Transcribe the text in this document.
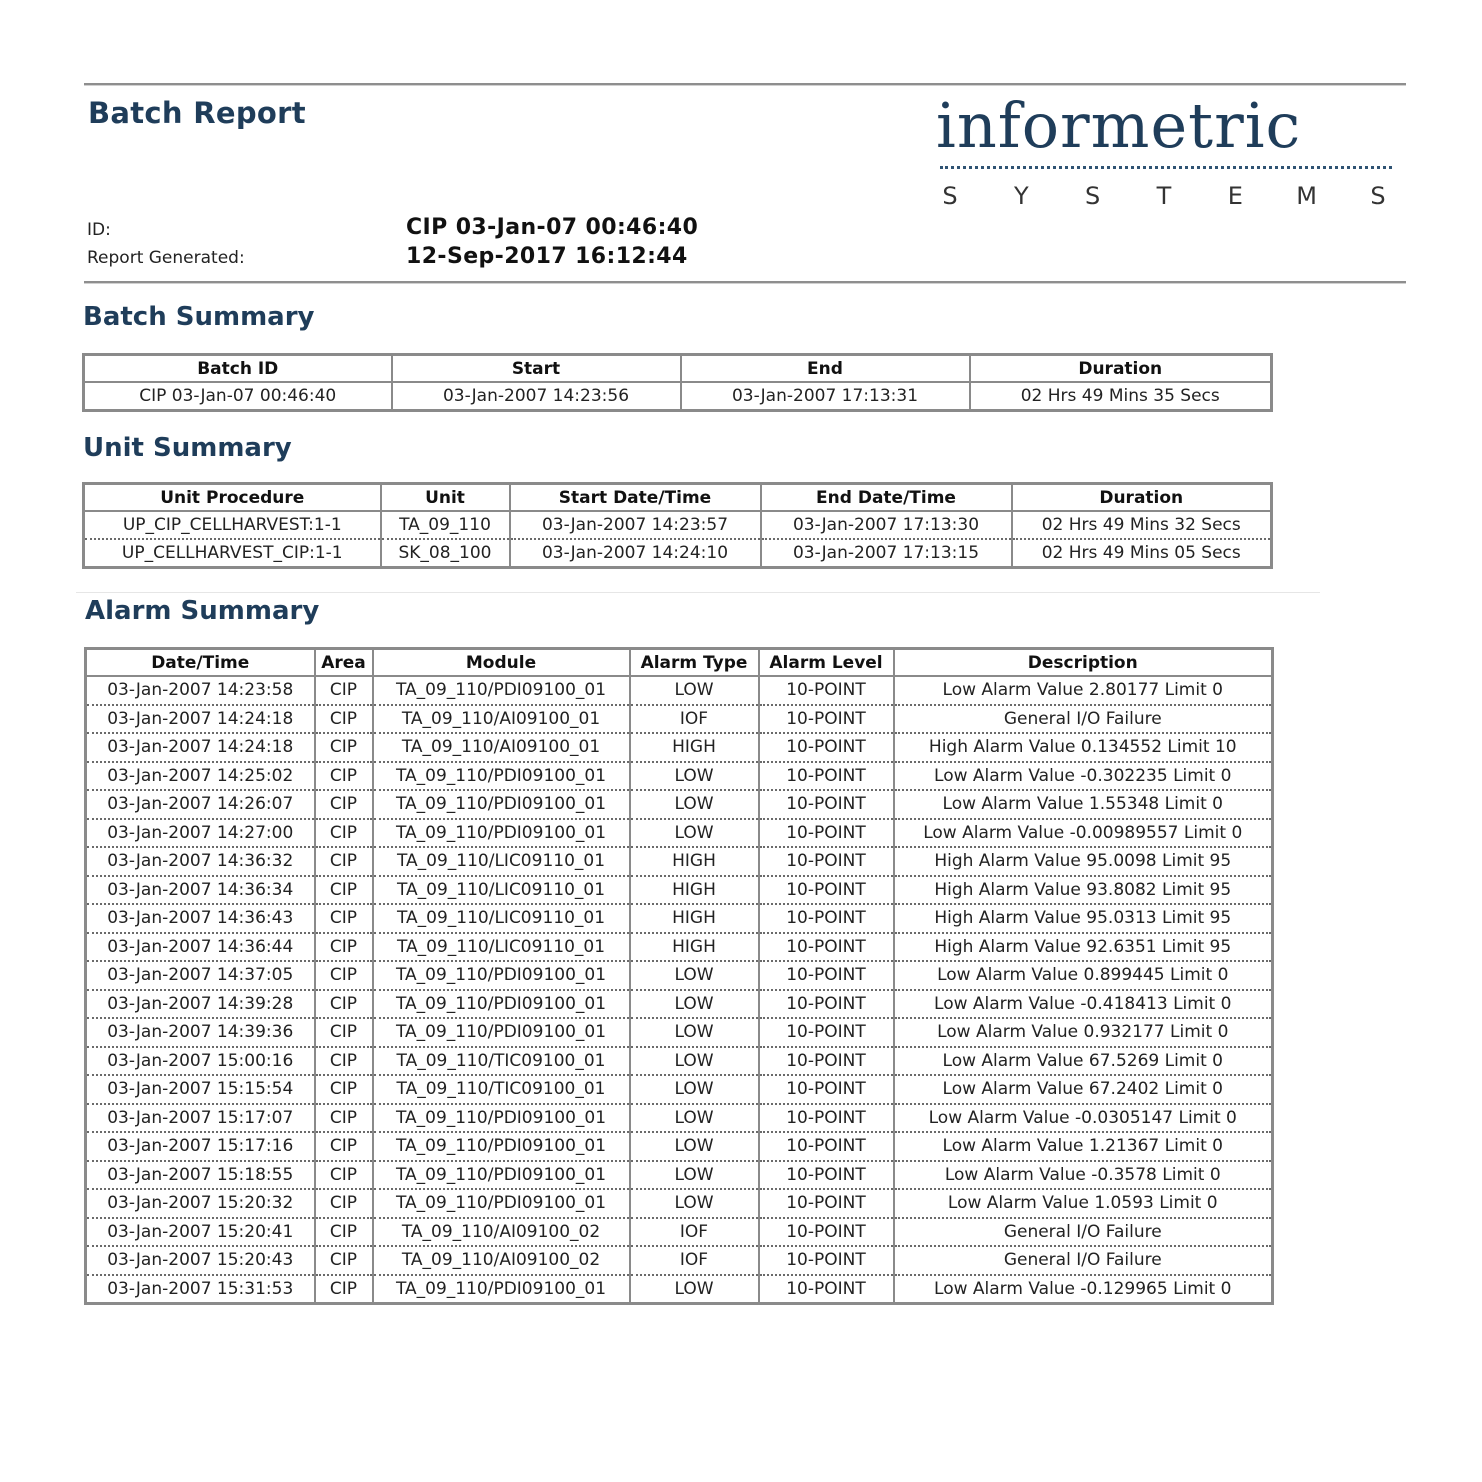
Batch Report	informetric
S Y S T E M S
ID:	CIP 03-Jan-07 00:46:40
Report Generated:	12-Sep-2017 16:12:44
Batch Summary
Batch ID	Start	End	Duration
CIP 03-Jan-07 00:46:40	03-Jan-2007 14:23:56	03-Jan-2007 17:13:31	02 Hrs 49 Mins 35 Secs
Unit Summary
Unit Procedure	Unit	Start Date/Time	End Date/Time	Duration
UP_CIP_CELLHARVEST:1-1	TA_09_110	03-Jan-2007 14:23:57	03-Jan-2007 17:13:30	02 Hrs 49 Mins 32 Secs
UP_CELLHARVEST_CIP:1-1	SK_08_100	03-Jan-2007 14:24:10	03-Jan-2007 17:13:15	02 Hrs 49 Mins 05 Secs
Alarm Summary
Date/Time	Area	Module	Alarm Type	Alarm Level	Description
03-Jan-2007 14:23:58	CIP	TA_09_110/PDI09100_01	LOW	10-POINT	Low Alarm Value 2.80177 Limit 0
03-Jan-2007 14:24:18	CIP	TA_09_110/AI09100_01	IOF	10-POINT	General I/O Failure
03-Jan-2007 14:24:18	CIP	TA_09_110/AI09100_01	HIGH	10-POINT	High Alarm Value 0.134552 Limit 10
03-Jan-2007 14:25:02	CIP	TA_09_110/PDI09100_01	LOW	10-POINT	Low Alarm Value -0.302235 Limit 0
03-Jan-2007 14:26:07	CIP	TA_09_110/PDI09100_01	LOW	10-POINT	Low Alarm Value 1.55348 Limit 0
03-Jan-2007 14:27:00	CIP	TA_09_110/PDI09100_01	LOW	10-POINT	Low Alarm Value -0.00989557 Limit 0
03-Jan-2007 14:36:32	CIP	TA_09_110/LIC09110_01	HIGH	10-POINT	High Alarm Value 95.0098 Limit 95
03-Jan-2007 14:36:34	CIP	TA_09_110/LIC09110_01	HIGH	10-POINT	High Alarm Value 93.8082 Limit 95
03-Jan-2007 14:36:43	CIP	TA_09_110/LIC09110_01	HIGH	10-POINT	High Alarm Value 95.0313 Limit 95
03-Jan-2007 14:36:44	CIP	TA_09_110/LIC09110_01	HIGH	10-POINT	High Alarm Value 92.6351 Limit 95
03-Jan-2007 14:37:05	CIP	TA_09_110/PDI09100_01	LOW	10-POINT	Low Alarm Value 0.899445 Limit 0
03-Jan-2007 14:39:28	CIP	TA_09_110/PDI09100_01	LOW	10-POINT	Low Alarm Value -0.418413 Limit 0
03-Jan-2007 14:39:36	CIP	TA_09_110/PDI09100_01	LOW	10-POINT	Low Alarm Value 0.932177 Limit 0
03-Jan-2007 15:00:16	CIP	TA_09_110/TIC09100_01	LOW	10-POINT	Low Alarm Value 67.5269 Limit 0
03-Jan-2007 15:15:54	CIP	TA_09_110/TIC09100_01	LOW	10-POINT	Low Alarm Value 67.2402 Limit 0
03-Jan-2007 15:17:07	CIP	TA_09_110/PDI09100_01	LOW	10-POINT	Low Alarm Value -0.0305147 Limit 0
03-Jan-2007 15:17:16	CIP	TA_09_110/PDI09100_01	LOW	10-POINT	Low Alarm Value 1.21367 Limit 0
03-Jan-2007 15:18:55	CIP	TA_09_110/PDI09100_01	LOW	10-POINT	Low Alarm Value -0.3578 Limit 0
03-Jan-2007 15:20:32	CIP	TA_09_110/PDI09100_01	LOW	10-POINT	Low Alarm Value 1.0593 Limit 0
03-Jan-2007 15:20:41	CIP	TA_09_110/AI09100_02	IOF	10-POINT	General I/O Failure
03-Jan-2007 15:20:43	CIP	TA_09_110/AI09100_02	IOF	10-POINT	General I/O Failure
03-Jan-2007 15:31:53	CIP	TA_09_110/PDI09100_01	LOW	10-POINT	Low Alarm Value -0.129965 Limit 0
